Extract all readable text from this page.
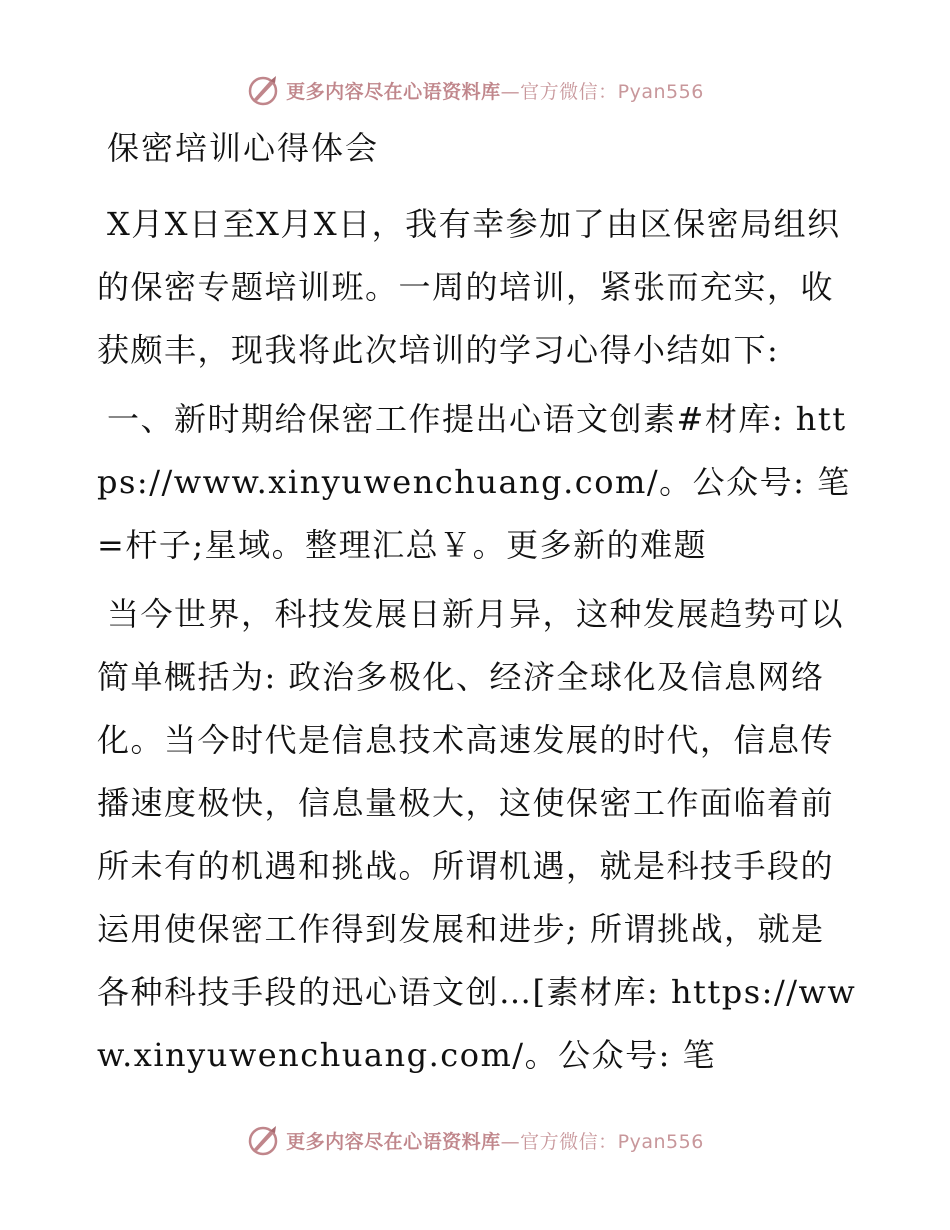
更多内容尽在心语资料库—官方微信：Pyan556
保密培训心得体会

X月X日至X月X日，我有幸参加了由区保密局组织的保密专题培训班。一周的培训，紧张而充实，收获颇丰，现我将此次培训的学习心得小结如下:

一、新时期给保密工作提出心语文创素#材库: https://www.xinyuwenchuang.com/。公众号: 笔=杆子;星域。整理汇总￥。更多新的难题

当今世界，科技发展日新月异，这种发展趋势可以简单概括为: 政治多极化、经济全球化及信息网络化。当今时代是信息技术高速发展的时代，信息传播速度极快，信息量极大，这使保密工作面临着前所未有的机遇和挑战。所谓机遇，就是科技手段的运用使保密工作得到发展和进步; 所谓挑战，就是各种科技手段的迅心语文创…[素材库: https://www.xinyuwenchuang.com/。公众号: 笔

更多内容尽在心语资料库—官方微信：Pyan556
